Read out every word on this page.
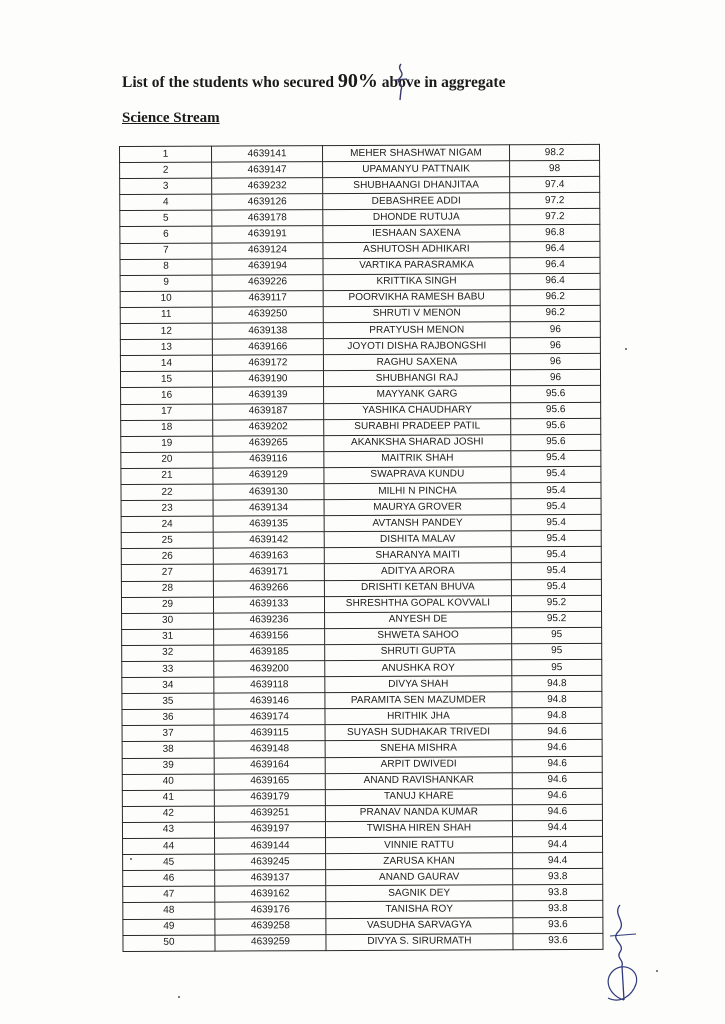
List of the students who secured 90% above in aggregate
Science Stream
1	4639141	MEHER SHASHWAT NIGAM	98.2
2	4639147	UPAMANYU PATTNAIK	98
3	4639232	SHUBHAANGI DHANJITAA	97.4
4	4639126	DEBASHREE ADDI	97.2
5	4639178	DHONDE RUTUJA	97.2
6	4639191	IESHAAN SAXENA	96.8
7	4639124	ASHUTOSH ADHIKARI	96.4
8	4639194	VARTIKA PARASRAMKA	96.4
9	4639226	KRITTIKA SINGH	96.4
10	4639117	POORVIKHA RAMESH BABU	96.2
11	4639250	SHRUTI V MENON	96.2
12	4639138	PRATYUSH MENON	96
13	4639166	JOYOTI DISHA RAJBONGSHI	96
14	4639172	RAGHU SAXENA	96
15	4639190	SHUBHANGI RAJ	96
16	4639139	MAYYANK GARG	95.6
17	4639187	YASHIKA CHAUDHARY	95.6
18	4639202	SURABHI PRADEEP PATIL	95.6
19	4639265	AKANKSHA SHARAD JOSHI	95.6
20	4639116	MAITRIK SHAH	95.4
21	4639129	SWAPRAVA KUNDU	95.4
22	4639130	MILHI N PINCHA	95.4
23	4639134	MAURYA GROVER	95.4
24	4639135	AVTANSH PANDEY	95.4
25	4639142	DISHITA MALAV	95.4
26	4639163	SHARANYA MAITI	95.4
27	4639171	ADITYA ARORA	95.4
28	4639266	DRISHTI KETAN BHUVA	95.4
29	4639133	SHRESHTHA GOPAL KOVVALI	95.2
30	4639236	ANYESH DE	95.2
31	4639156	SHWETA SAHOO	95
32	4639185	SHRUTI GUPTA	95
33	4639200	ANUSHKA ROY	95
34	4639118	DIVYA SHAH	94.8
35	4639146	PARAMITA SEN MAZUMDER	94.8
36	4639174	HRITHIK JHA	94.8
37	4639115	SUYASH SUDHAKAR TRIVEDI	94.6
38	4639148	SNEHA MISHRA	94.6
39	4639164	ARPIT DWIVEDI	94.6
40	4639165	ANAND RAVISHANKAR	94.6
41	4639179	TANUJ KHARE	94.6
42	4639251	PRANAV NANDA KUMAR	94.6
43	4639197	TWISHA HIREN SHAH	94.4
44	4639144	VINNIE RATTU	94.4
45	4639245	ZARUSA KHAN	94.4
46	4639137	ANAND GAURAV	93.8
47	4639162	SAGNIK DEY	93.8
48	4639176	TANISHA ROY	93.8
49	4639258	VASUDHA SARVAGYA	93.6
50	4639259	DIVYA S. SIRURMATH	93.6
